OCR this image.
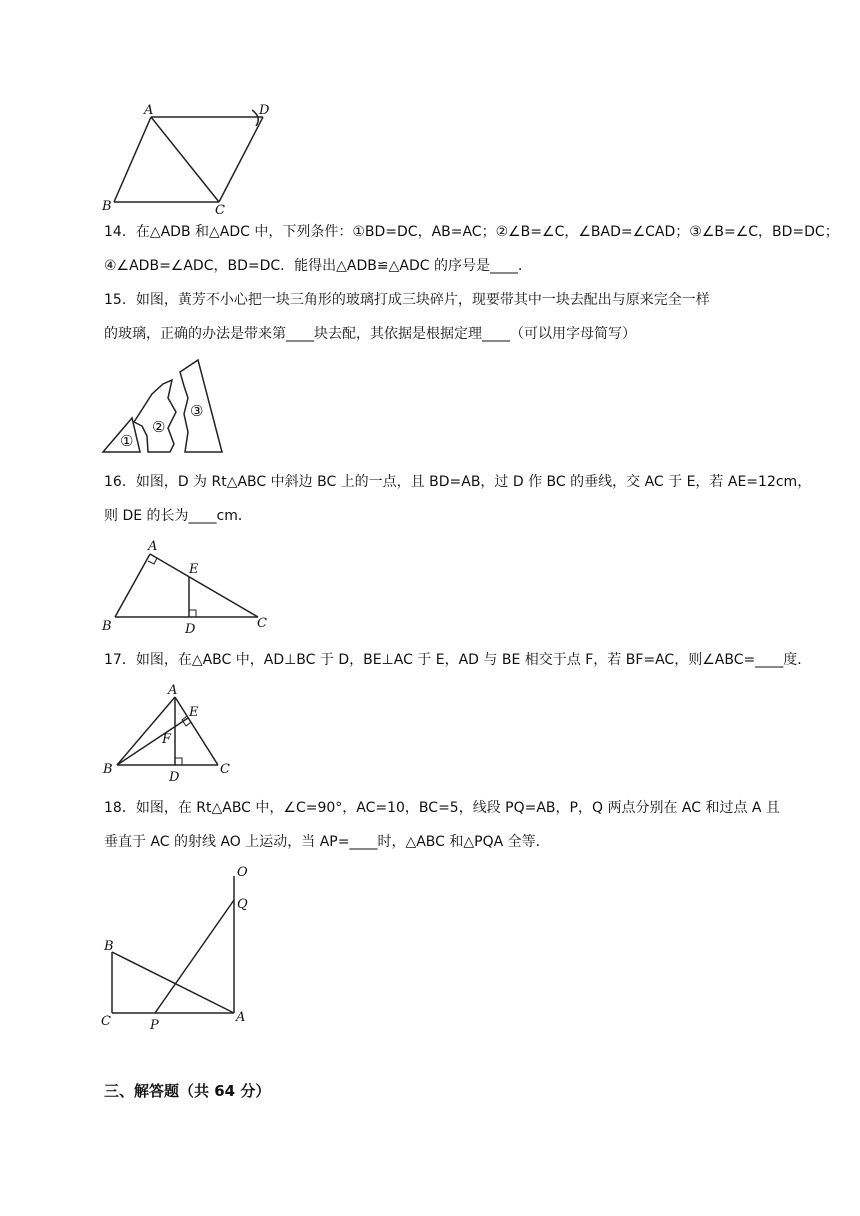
A	D
B	C
14．在△ADB 和△ADC 中，下列条件：①BD=DC，AB=AC；②∠B=∠C，∠BAD=∠CAD；③∠B=∠C，BD=DC；
④∠ADB=∠ADC，BD=DC．能得出△ADB≌△ADC 的序号是____．
15．如图，黄芳不小心把一块三角形的玻璃打成三块碎片，现要带其中一块去配出与原来完全一样
的玻璃，正确的办法是带来第____块去配，其依据是根据定理____（可以用字母简写）
①
②
③
16．如图，D 为 Rt△ABC 中斜边 BC 上的一点，且 BD=AB，过 D 作 BC 的垂线，交 AC 于 E，若 AE=12cm，
则 DE 的长为____cm．
A
E
B	D	C
17．如图，在△ABC 中，AD⊥BC 于 D，BE⊥AC 于 E，AD 与 BE 相交于点 F，若 BF=AC，则∠ABC=____度．
A
E
F
B
D
C
18．如图，在 Rt△ABC 中，∠C=90°，AC=10，BC=5，线段 PQ=AB，P，Q 两点分别在 AC 和过点 A 且
垂直于 AC 的射线 AO 上运动，当 AP=____时，△ABC 和△PQA 全等．
O
Q
B
C	P
A
三、解答题（共 64 分）
